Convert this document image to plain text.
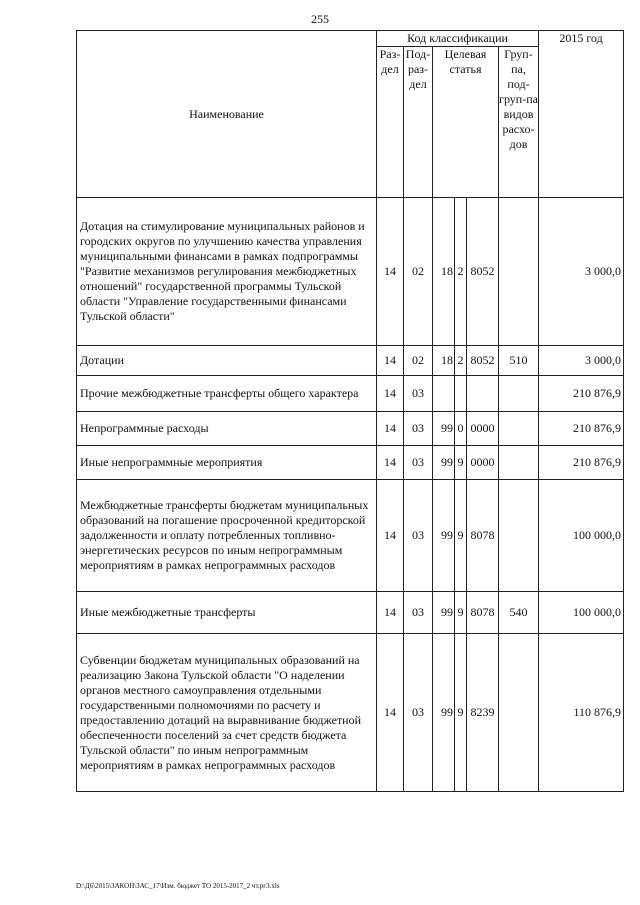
255
Наименование	Код классификации						2015 год
	Раз-дел	Под-раз-дел	Целевая статья			Груп-па, под-груп-па видов расхо-дов	
Дотация на стимулирование муниципальных районов и городских округов по улучшению качества управления муниципальными финансами в рамках подпрограммы "Развитие механизмов регулирования межбюджетных отношений" государственной программы Тульской области "Управление государственными финансами Тульской области"	14	02	18	2	8052		3 000,0
Дотации	14	02	18	2	8052	510	3 000,0
Прочие межбюджетные трансферты общего характера	14	03					210 876,9
Непрограммные расходы	14	03	99	0	0000		210 876,9
Иные непрограммные мероприятия	14	03	99	9	0000		210 876,9
Межбюджетные трансферты бюджетам муниципальных образований на погашение просроченной кредиторской задолженности и оплату потребленных топливно-энергетических ресурсов по иным непрограммным мероприятиям в рамках непрограммных расходов	14	03	99	9	8078		100 000,0
Иные межбюджетные трансферты	14	03	99	9	8078	540	100 000,0
Субвенции бюджетам муниципальных образований на реализацию Закона Тульской области "О наделении органов местного самоуправления отдельными государственными полномочиями по расчету и предоставлению дотаций на выравнивание бюджетной обеспеченности поселений за счет средств бюджета Тульской области" по иным непрограммным мероприятиям в рамках непрограммных расходов	14	03	99	9	8239		110 876,9
D:\Д6\2015\ЗАКОН\ЗАС_17\Изм. бюджет ТО 2015-2017_2 чт.рг3.xls
